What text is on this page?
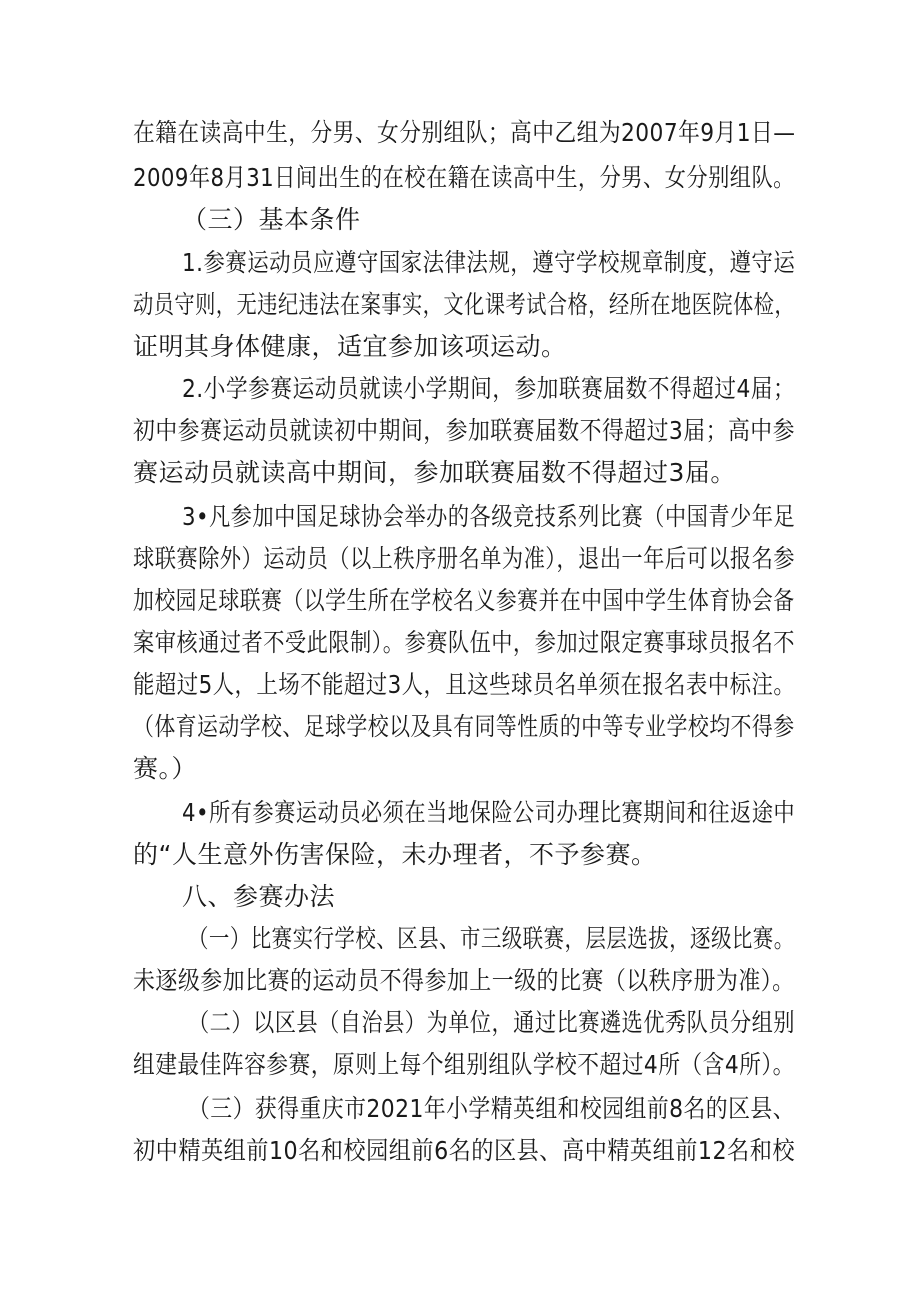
在籍在读高中生，分男、女分别组队；高中乙组为2007年9月1日—
2009年8月31日间出生的在校在籍在读高中生，分男、女分别组队。
（三）基本条件
1.参赛运动员应遵守国家法律法规，遵守学校规章制度，遵守运
动员守则，无违纪违法在案事实，文化课考试合格，经所在地医院体检，
证明其身体健康，适宜参加该项运动。
2.小学参赛运动员就读小学期间，参加联赛届数不得超过4届；
初中参赛运动员就读初中期间，参加联赛届数不得超过3届；高中参
赛运动员就读高中期间，参加联赛届数不得超过3届。
3•凡参加中国足球协会举办的各级竞技系列比赛（中国青少年足
球联赛除外）运动员（以上秩序册名单为准），退出一年后可以报名参
加校园足球联赛（以学生所在学校名义参赛并在中国中学生体育协会备
案审核通过者不受此限制）。参赛队伍中，参加过限定赛事球员报名不
能超过5人，上场不能超过3人，且这些球员名单须在报名表中标注。
（体育运动学校、足球学校以及具有同等性质的中等专业学校均不得参
赛。）
4•所有参赛运动员必须在当地保险公司办理比赛期间和往返途中
的“人生意外伤害保险，未办理者，不予参赛。
八、参赛办法
（一）比赛实行学校、区县、市三级联赛，层层选拔，逐级比赛。
未逐级参加比赛的运动员不得参加上一级的比赛（以秩序册为准）。
（二）以区县（自治县）为单位，通过比赛遴选优秀队员分组别
组建最佳阵容参赛，原则上每个组别组队学校不超过4所（含4所）。
（三）获得重庆市2021年小学精英组和校园组前8名的区县、
初中精英组前10名和校园组前6名的区县、高中精英组前12名和校
